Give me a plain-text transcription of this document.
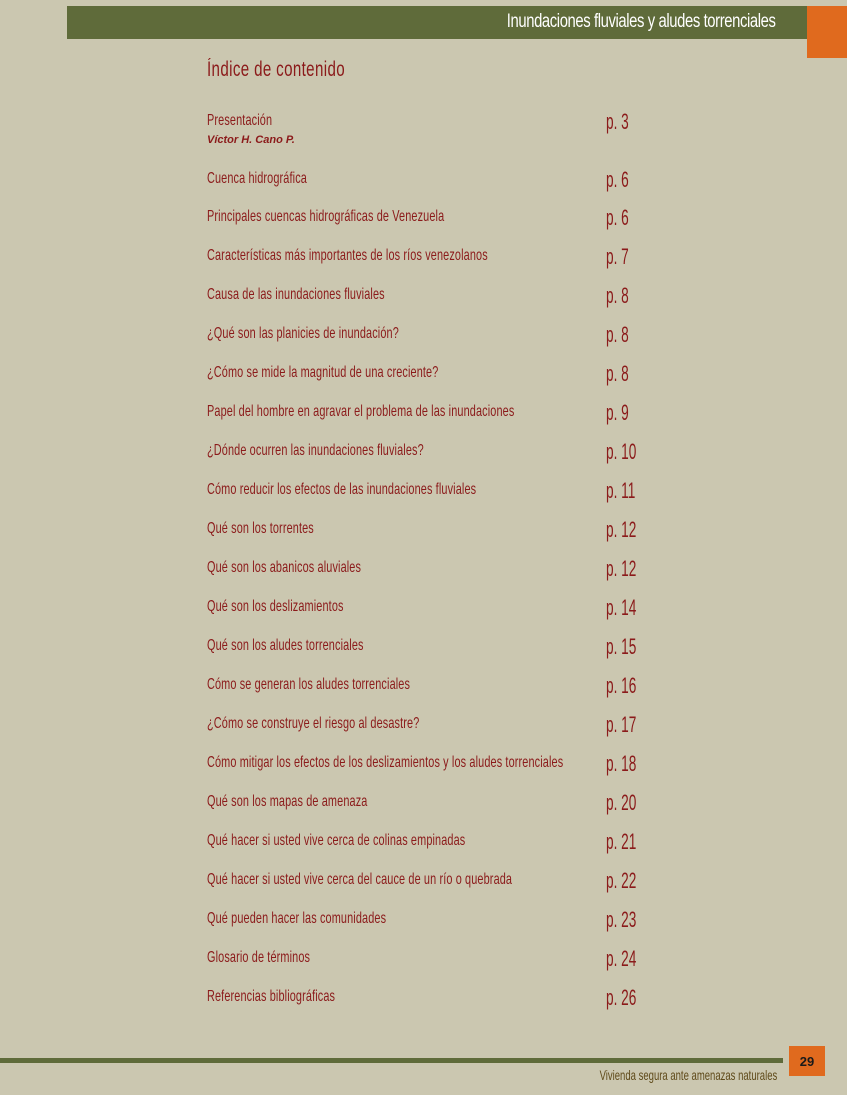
Inundaciones fluviales y aludes torrenciales
Índice de contenido
Presentación
Víctor H. Cano P.
p. 3
Cuenca hidrográfica	p. 6
Principales cuencas hidrográficas de Venezuela	p. 6
Características más importantes de los ríos venezolanos	p. 7
Causa de las inundaciones fluviales	p. 8
¿Qué son las planicies de inundación?	p. 8
¿Cómo se mide la magnitud de una creciente?	p. 8
Papel del hombre en agravar el problema de las inundaciones	p. 9
¿Dónde ocurren las inundaciones fluviales?	p. 10
Cómo reducir los efectos de las inundaciones fluviales	p. 11
Qué son los torrentes	p. 12
Qué son los abanicos aluviales	p. 12
Qué son los deslizamientos	p. 14
Qué son los aludes torrenciales	p. 15
Cómo se generan los aludes torrenciales	p. 16
¿Cómo se construye el riesgo al desastre?	p. 17
Cómo mitigar los efectos de los deslizamientos y los aludes torrenciales p. 18
Qué son los mapas de amenaza	p. 20
Qué hacer si usted vive cerca de colinas empinadas	p. 21
Qué hacer si usted vive cerca del cauce de un río o quebrada	p. 22
Qué pueden hacer las comunidades	p. 23
Glosario de términos	p. 24
Referencias bibliográficas	p. 26
Vivienda segura ante amenazas naturales
29
